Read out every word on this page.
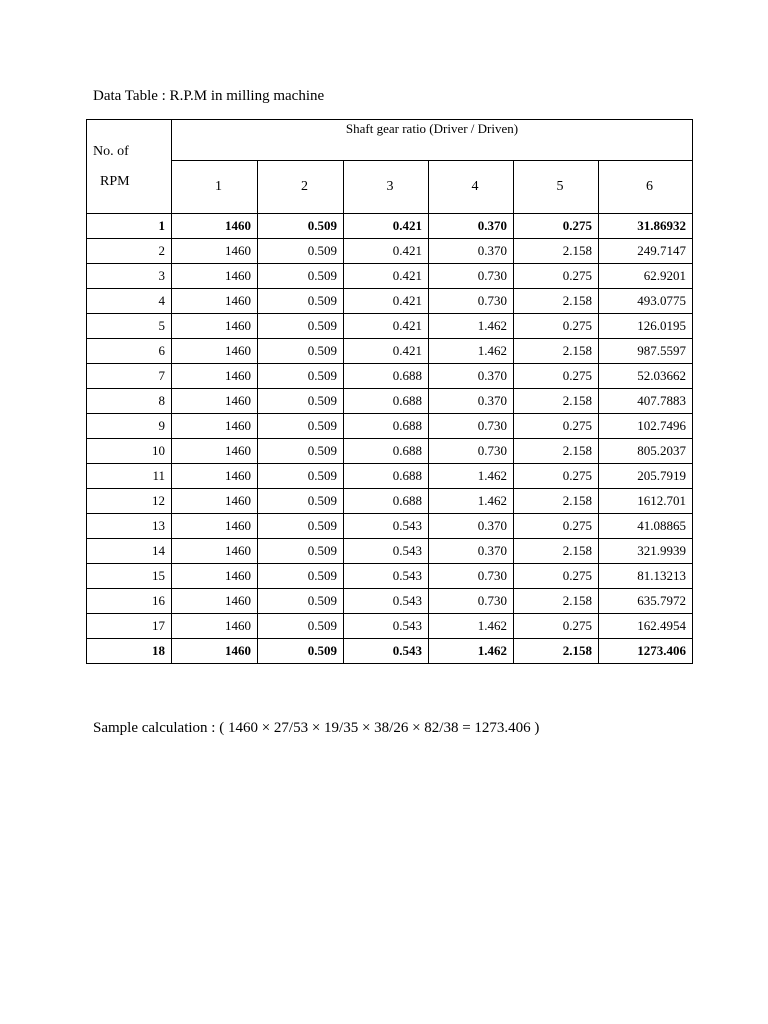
Data Table : R.P.M in milling machine
No. of
RPM	Shaft gear ratio (Driver / Driven)					
	1	2	3	4	5	6
1	1460	0.509	0.421	0.370	0.275	31.86932
2	1460	0.509	0.421	0.370	2.158	249.7147
3	1460	0.509	0.421	0.730	0.275	62.9201
4	1460	0.509	0.421	0.730	2.158	493.0775
5	1460	0.509	0.421	1.462	0.275	126.0195
6	1460	0.509	0.421	1.462	2.158	987.5597
7	1460	0.509	0.688	0.370	0.275	52.03662
8	1460	0.509	0.688	0.370	2.158	407.7883
9	1460	0.509	0.688	0.730	0.275	102.7496
10	1460	0.509	0.688	0.730	2.158	805.2037
11	1460	0.509	0.688	1.462	0.275	205.7919
12	1460	0.509	0.688	1.462	2.158	1612.701
13	1460	0.509	0.543	0.370	0.275	41.08865
14	1460	0.509	0.543	0.370	2.158	321.9939
15	1460	0.509	0.543	0.730	0.275	81.13213
16	1460	0.509	0.543	0.730	2.158	635.7972
17	1460	0.509	0.543	1.462	0.275	162.4954
18	1460	0.509	0.543	1.462	2.158	1273.406
Sample calculation : ( 1460 × 27/53 × 19/35 × 38/26 × 82/38 = 1273.406 )
